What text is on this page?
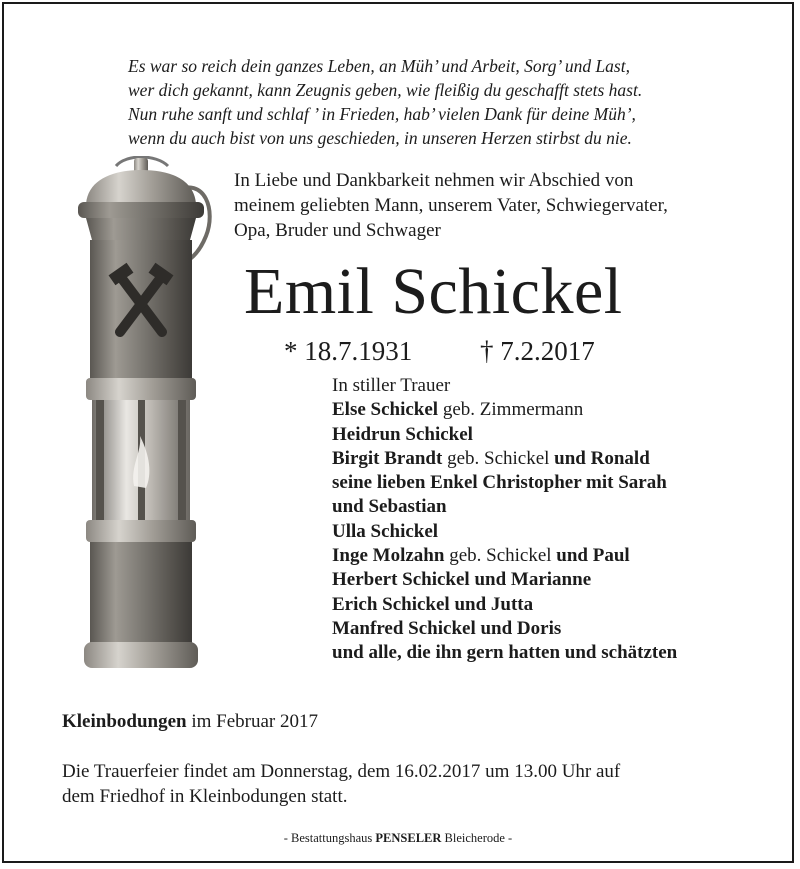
Es war so reich dein ganzes Leben, an Müh’ und Arbeit, Sorg’ und Last,
wer dich gekannt, kann Zeugnis geben, wie fleißig du geschafft stets hast.
Nun ruhe sanft und schlaf ’ in Frieden, hab’ vielen Dank für deine Müh’,
wenn du auch bist von uns geschieden, in unseren Herzen stirbst du nie.
In Liebe und Dankbarkeit nehmen wir Abschied von
meinem geliebten Mann, unserem Vater, Schwiegervater,
Opa, Bruder und Schwager
Emil Schickel
* 18.7.1931	† 7.2.2017
In stiller Trauer
Else Schickel geb. Zimmermann
Heidrun Schickel
Birgit Brandt geb. Schickel und Ronald
seine lieben Enkel Christopher mit Sarah
und Sebastian
Ulla Schickel
Inge Molzahn geb. Schickel und Paul
Herbert Schickel und Marianne
Erich Schickel und Jutta
Manfred Schickel und Doris
und alle, die ihn gern hatten und schätzten
Kleinbodungen im Februar 2017
Die Trauerfeier findet am Donnerstag, dem 16.02.2017 um 13.00 Uhr auf
dem Friedhof in Kleinbodungen statt.
- Bestattungshaus PENSELER Bleicherode -
